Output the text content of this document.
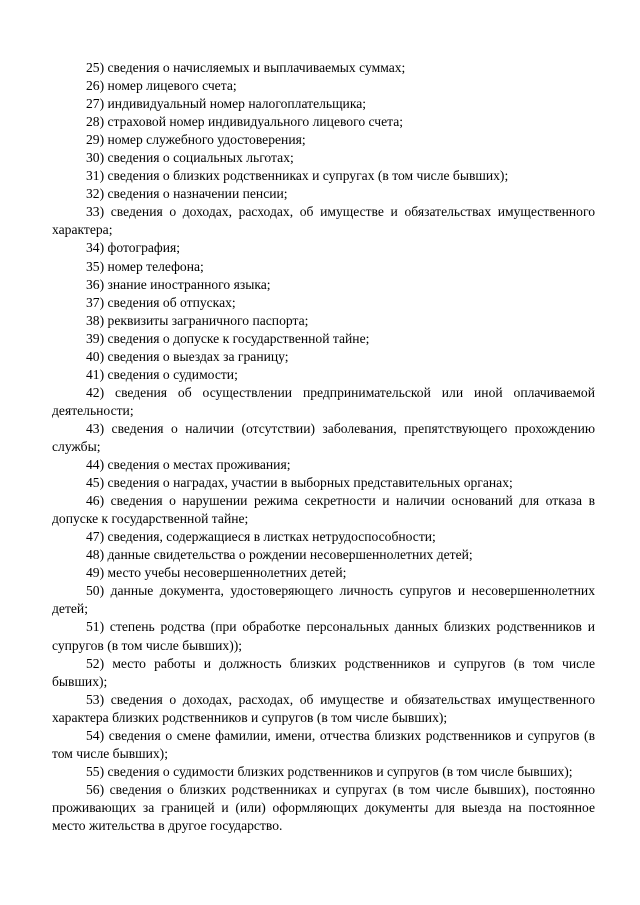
25) сведения о начисляемых и выплачиваемых суммах;

26) номер лицевого счета;

27) индивидуальный номер налогоплательщика;

28) страховой номер индивидуального лицевого счета;

29) номер служебного удостоверения;

30) сведения о социальных льготах;

31) сведения о близких родственниках и супругах (в том числе бывших);

32) сведения о назначении пенсии;

33) сведения о доходах, расходах, об имуществе и обязательствах имущественного характера;

34) фотография;

35) номер телефона;

36) знание иностранного языка;

37) сведения об отпусках;

38) реквизиты заграничного паспорта;

39) сведения о допуске к государственной тайне;

40) сведения о выездах за границу;

41) сведения о судимости;

42) сведения об осуществлении предпринимательской или иной оплачиваемой деятельности;

43) сведения о наличии (отсутствии) заболевания, препятствующего прохождению службы;

44) сведения о местах проживания;

45) сведения о наградах, участии в выборных представительных органах;

46) сведения о нарушении режима секретности и наличии оснований для отказа в допуске к государственной тайне;

47) сведения, содержащиеся в листках нетрудоспособности;

48) данные свидетельства о рождении несовершеннолетних детей;

49) место учебы несовершеннолетних детей;

50) данные документа, удостоверяющего личность супругов и несовершеннолетних детей;

51) степень родства (при обработке персональных данных близких родственников и супругов (в том числе бывших));

52) место работы и должность близких родственников и супругов (в том числе бывших);

53) сведения о доходах, расходах, об имуществе и обязательствах имущественного характера близких родственников и супругов (в том числе бывших);

54) сведения о смене фамилии, имени, отчества близких родственников и супругов (в том числе бывших);

55) сведения о судимости близких родственников и супругов (в том числе бывших);

56) сведения о близких родственниках и супругах (в том числе бывших), постоянно проживающих за границей и (или) оформляющих документы для выезда на постоянное место жительства в другое государство.
